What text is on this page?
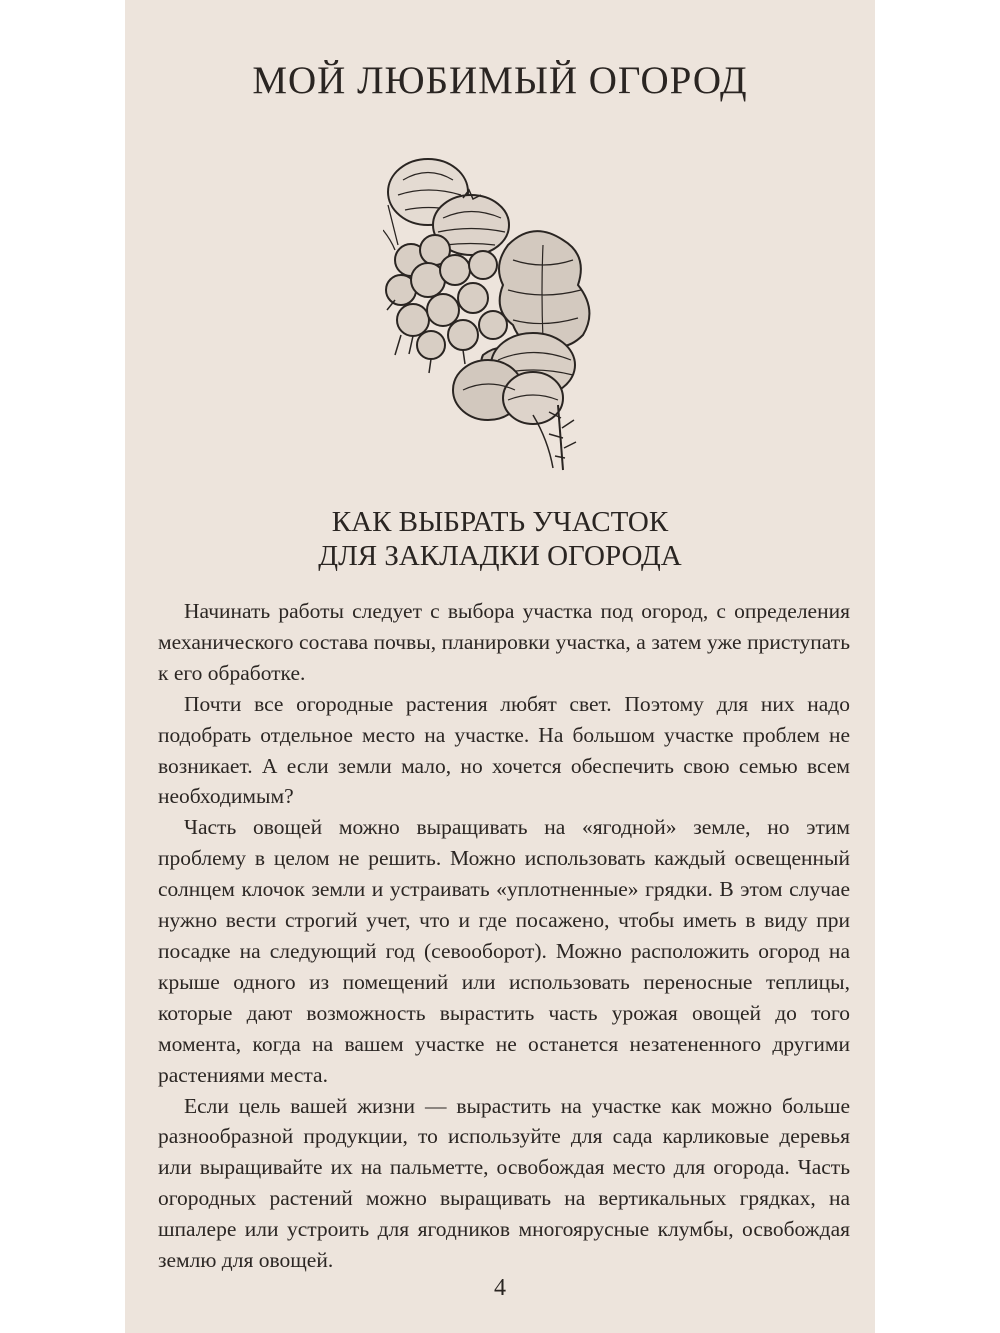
МОЙ ЛЮБИМЫЙ ОГОРОД
КАК ВЫБРАТЬ УЧАСТОК
ДЛЯ ЗАКЛАДКИ ОГОРОДА

Начинать работы следует с выбора участка под огород, с определения механического состава почвы, планировки участка, а затем уже приступать к его обработке.

Почти все огородные растения любят свет. Поэтому для них надо подобрать отдельное место на участке. На большом участке проблем не возникает. А если земли мало, но хочется обеспечить свою семью всем необходимым?

Часть овощей можно выращивать на «ягодной» земле, но этим проблему в целом не решить. Можно использовать каждый освещенный солнцем клочок земли и устраивать «уплотненные» грядки. В этом случае нужно вести строгий учет, что и где посажено, чтобы иметь в виду при посадке на следующий год (севооборот). Можно расположить огород на крыше одного из помещений или использовать переносные теплицы, которые дают возможность вырастить часть урожая овощей до того момента, когда на вашем участке не останется незатененного другими растениями места.

Если цель вашей жизни — вырастить на участке как можно больше разнообразной продукции, то используйте для сада карликовые деревья или выращивайте их на пальметте, освобождая место для огорода. Часть огородных растений можно выращивать на вертикальных грядках, на шпалере или устроить для ягодников многоярусные клумбы, освобождая землю для овощей.

4
